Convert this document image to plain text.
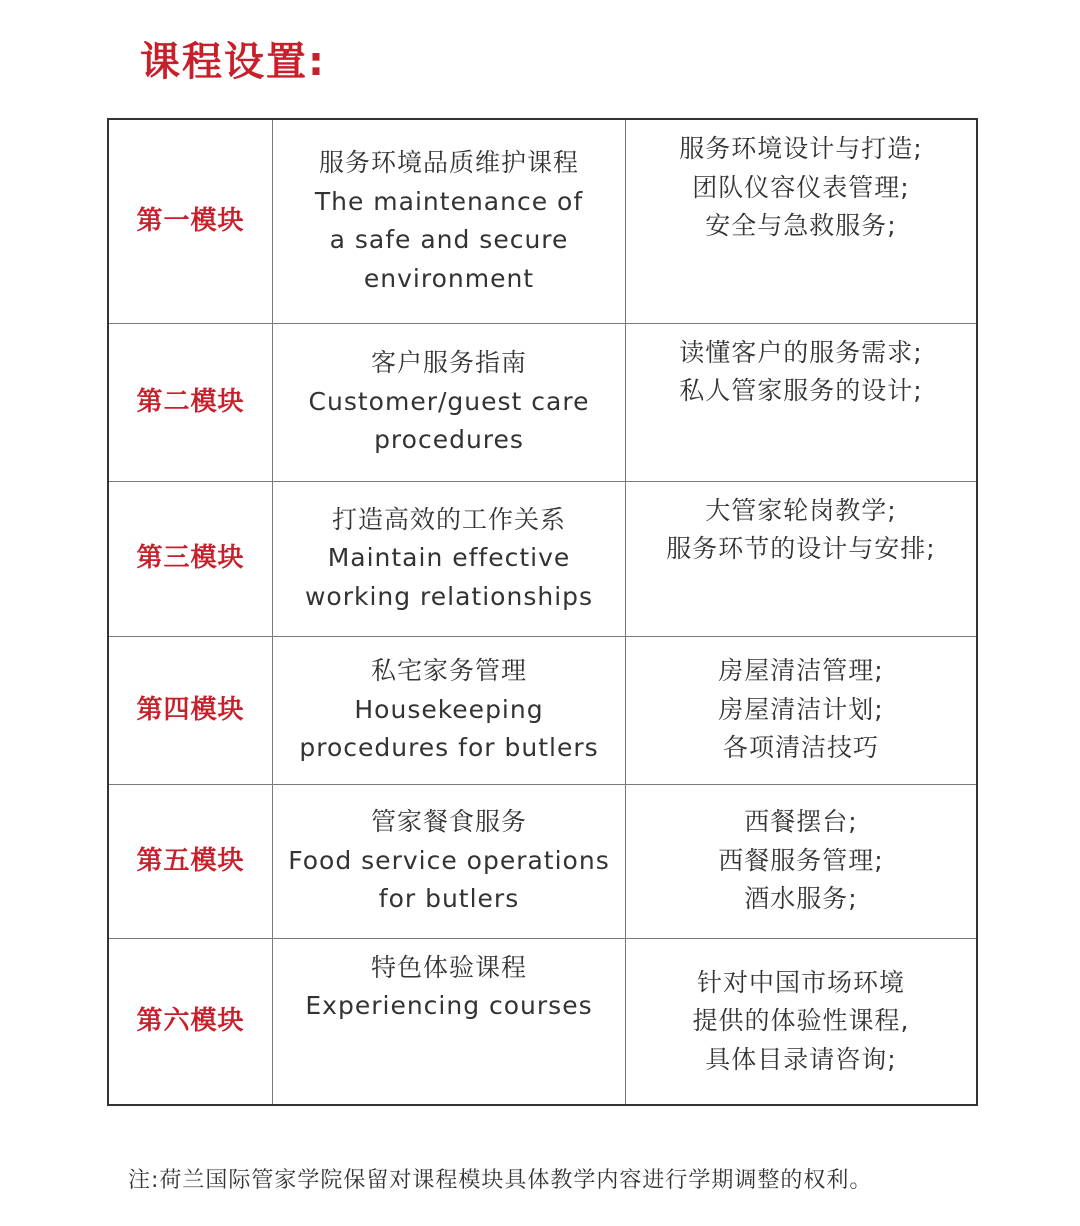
课程设置:
第一模块	服务环境品质维护课程
The maintenance of
a safe and secure
environment	服务环境设计与打造;
团队仪容仪表管理;
安全与急救服务;

第二模块	客户服务指南
Customer/guest care
procedures	读懂客户的服务需求;
私人管家服务的设计;

第三模块	打造高效的工作关系
Maintain effective
working relationships	大管家轮岗教学;
服务环节的设计与安排;

第四模块	私宅家务管理
Housekeeping
procedures for butlers	房屋清洁管理;
房屋清洁计划;
各项清洁技巧

第五模块	管家餐食服务
Food service operations
for butlers	西餐摆台;
西餐服务管理;
酒水服务;

第六模块	特色体验课程
Experiencing courses	针对中国市场环境
提供的体验性课程,
具体目录请咨询;
注:荷兰国际管家学院保留对课程模块具体教学内容进行学期调整的权利。
